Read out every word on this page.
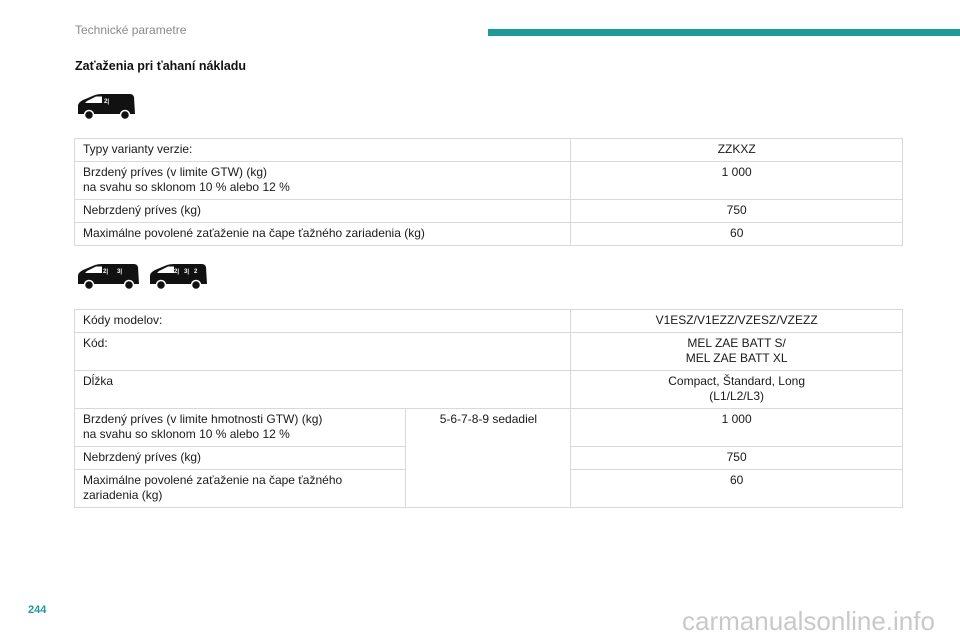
Technické parametre
Zaťaženia pri ťahaní nákladu
2|
Typy varianty verzie:	ZZKXZ

Brzdený príves (v limite GTW) (kg)
na svahu so sklonom 10 % alebo 12 %	1 000

Nebrzdený príves (kg)	750

Maximálne povolené zaťaženie na čape ťažného zariadenia (kg)	60
2| 3|	2| 3| 2
Kódy modelov:		V1ESZ/V1EZZ/VZESZ/VZEZZ

Kód:		MEL ZAE BATT S/
MEL ZAE BATT XL

Dĺžka		Compact, Štandard, Long
(L1/L2/L3)

Brzdený príves (v limite hmotnosti GTW) (kg)
na svahu so sklonom 10 % alebo 12 %	5-6-7-8-9 sedadiel	1 000

Nebrzdený príves (kg)		750

Maximálne povolené zaťaženie na čape ťažného
zariadenia (kg)		60
244	carmanualsonline.info
